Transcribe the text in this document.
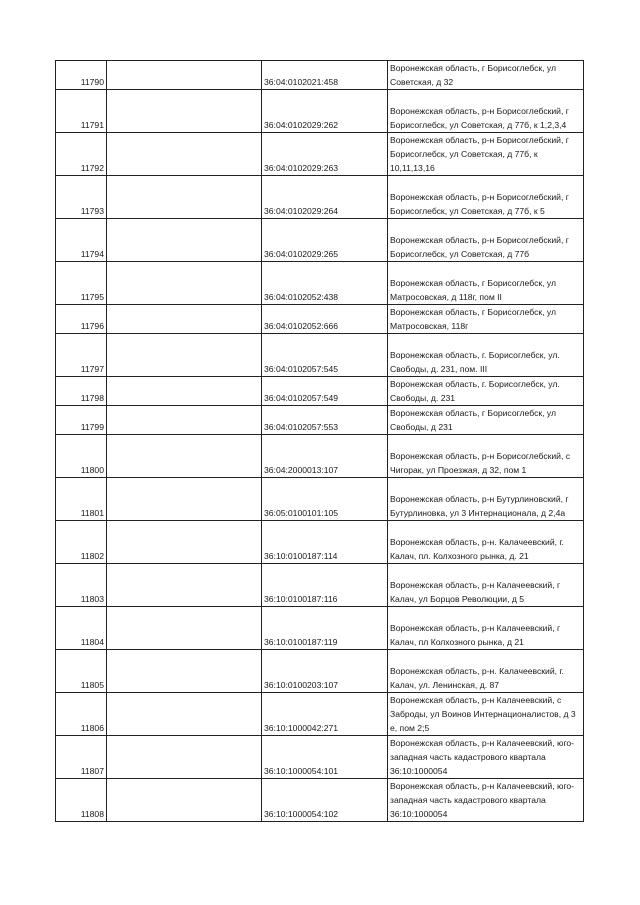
11790		36:04:0102021:458	Воронежская область, г Борисоглебск, ул Советская, д 32
11791		36:04:0102029:262	Воронежская область, р-н Борисоглебский, г Борисоглебск, ул Советская, д 77б, к 1,2,3,4
11792		36:04:0102029:263	Воронежская область, р-н Борисоглебский, г Борисоглебск, ул Советская, д 77б, к 10,11,13,16
11793		36:04:0102029:264	Воронежская область, р-н Борисоглебский, г Борисоглебск, ул Советская, д 77б, к 5
11794		36:04:0102029:265	Воронежская область, р-н Борисоглебский, г Борисоглебск, ул Советская, д 77б
11795		36:04:0102052:438	Воронежская область, г Борисоглебск, ул Матросовская, д 118г, пом II
11796		36:04:0102052:666	Воронежская область, г Борисоглебск, ул Матросовская, 118г
11797		36:04:0102057:545	Воронежская область, г. Борисоглебск, ул. Свободы, д. 231, пом. III
11798		36:04:0102057:549	Воронежская область, г. Борисоглебск, ул. Свободы, д. 231
11799		36:04:0102057:553	Воронежская область, г Борисоглебск, ул Свободы, д 231
11800		36:04:2000013:107	Воронежская область, р-н Борисоглебский, с Чигорак, ул Проезжая, д 32, пом 1
11801		36:05:0100101:105	Воронежская область, р-н Бутурлиновский, г Бутурлиновка, ул 3 Интернационала, д 2,4а
11802		36:10:0100187:114	Воронежская область, р-н. Калачеевский, г. Калач, пл. Колхозного рынка, д. 21
11803		36:10:0100187:116	Воронежская область, р-н Калачеевский, г Калач, ул Борцов Революции, д 5
11804		36:10:0100187:119	Воронежская область, р-н Калачеевский, г Калач, пл Колхозного рынка, д 21
11805		36:10:0100203:107	Воронежская область, р-н. Калачеевский, г. Калач, ул. Ленинская, д. 87
11806		36:10:1000042:271	Воронежская область, р-н Калачеевский, с Заброды, ул Воинов Интернационалистов, д 3 е, пом 2;5
11807		36:10:1000054:101	Воронежская область, р-н Калачеевский, юго-западная часть кадастрового квартала 36:10:1000054
11808		36:10:1000054:102	Воронежская область, р-н Калачеевский, юго-западная часть кадастрового квартала 36:10:1000054
